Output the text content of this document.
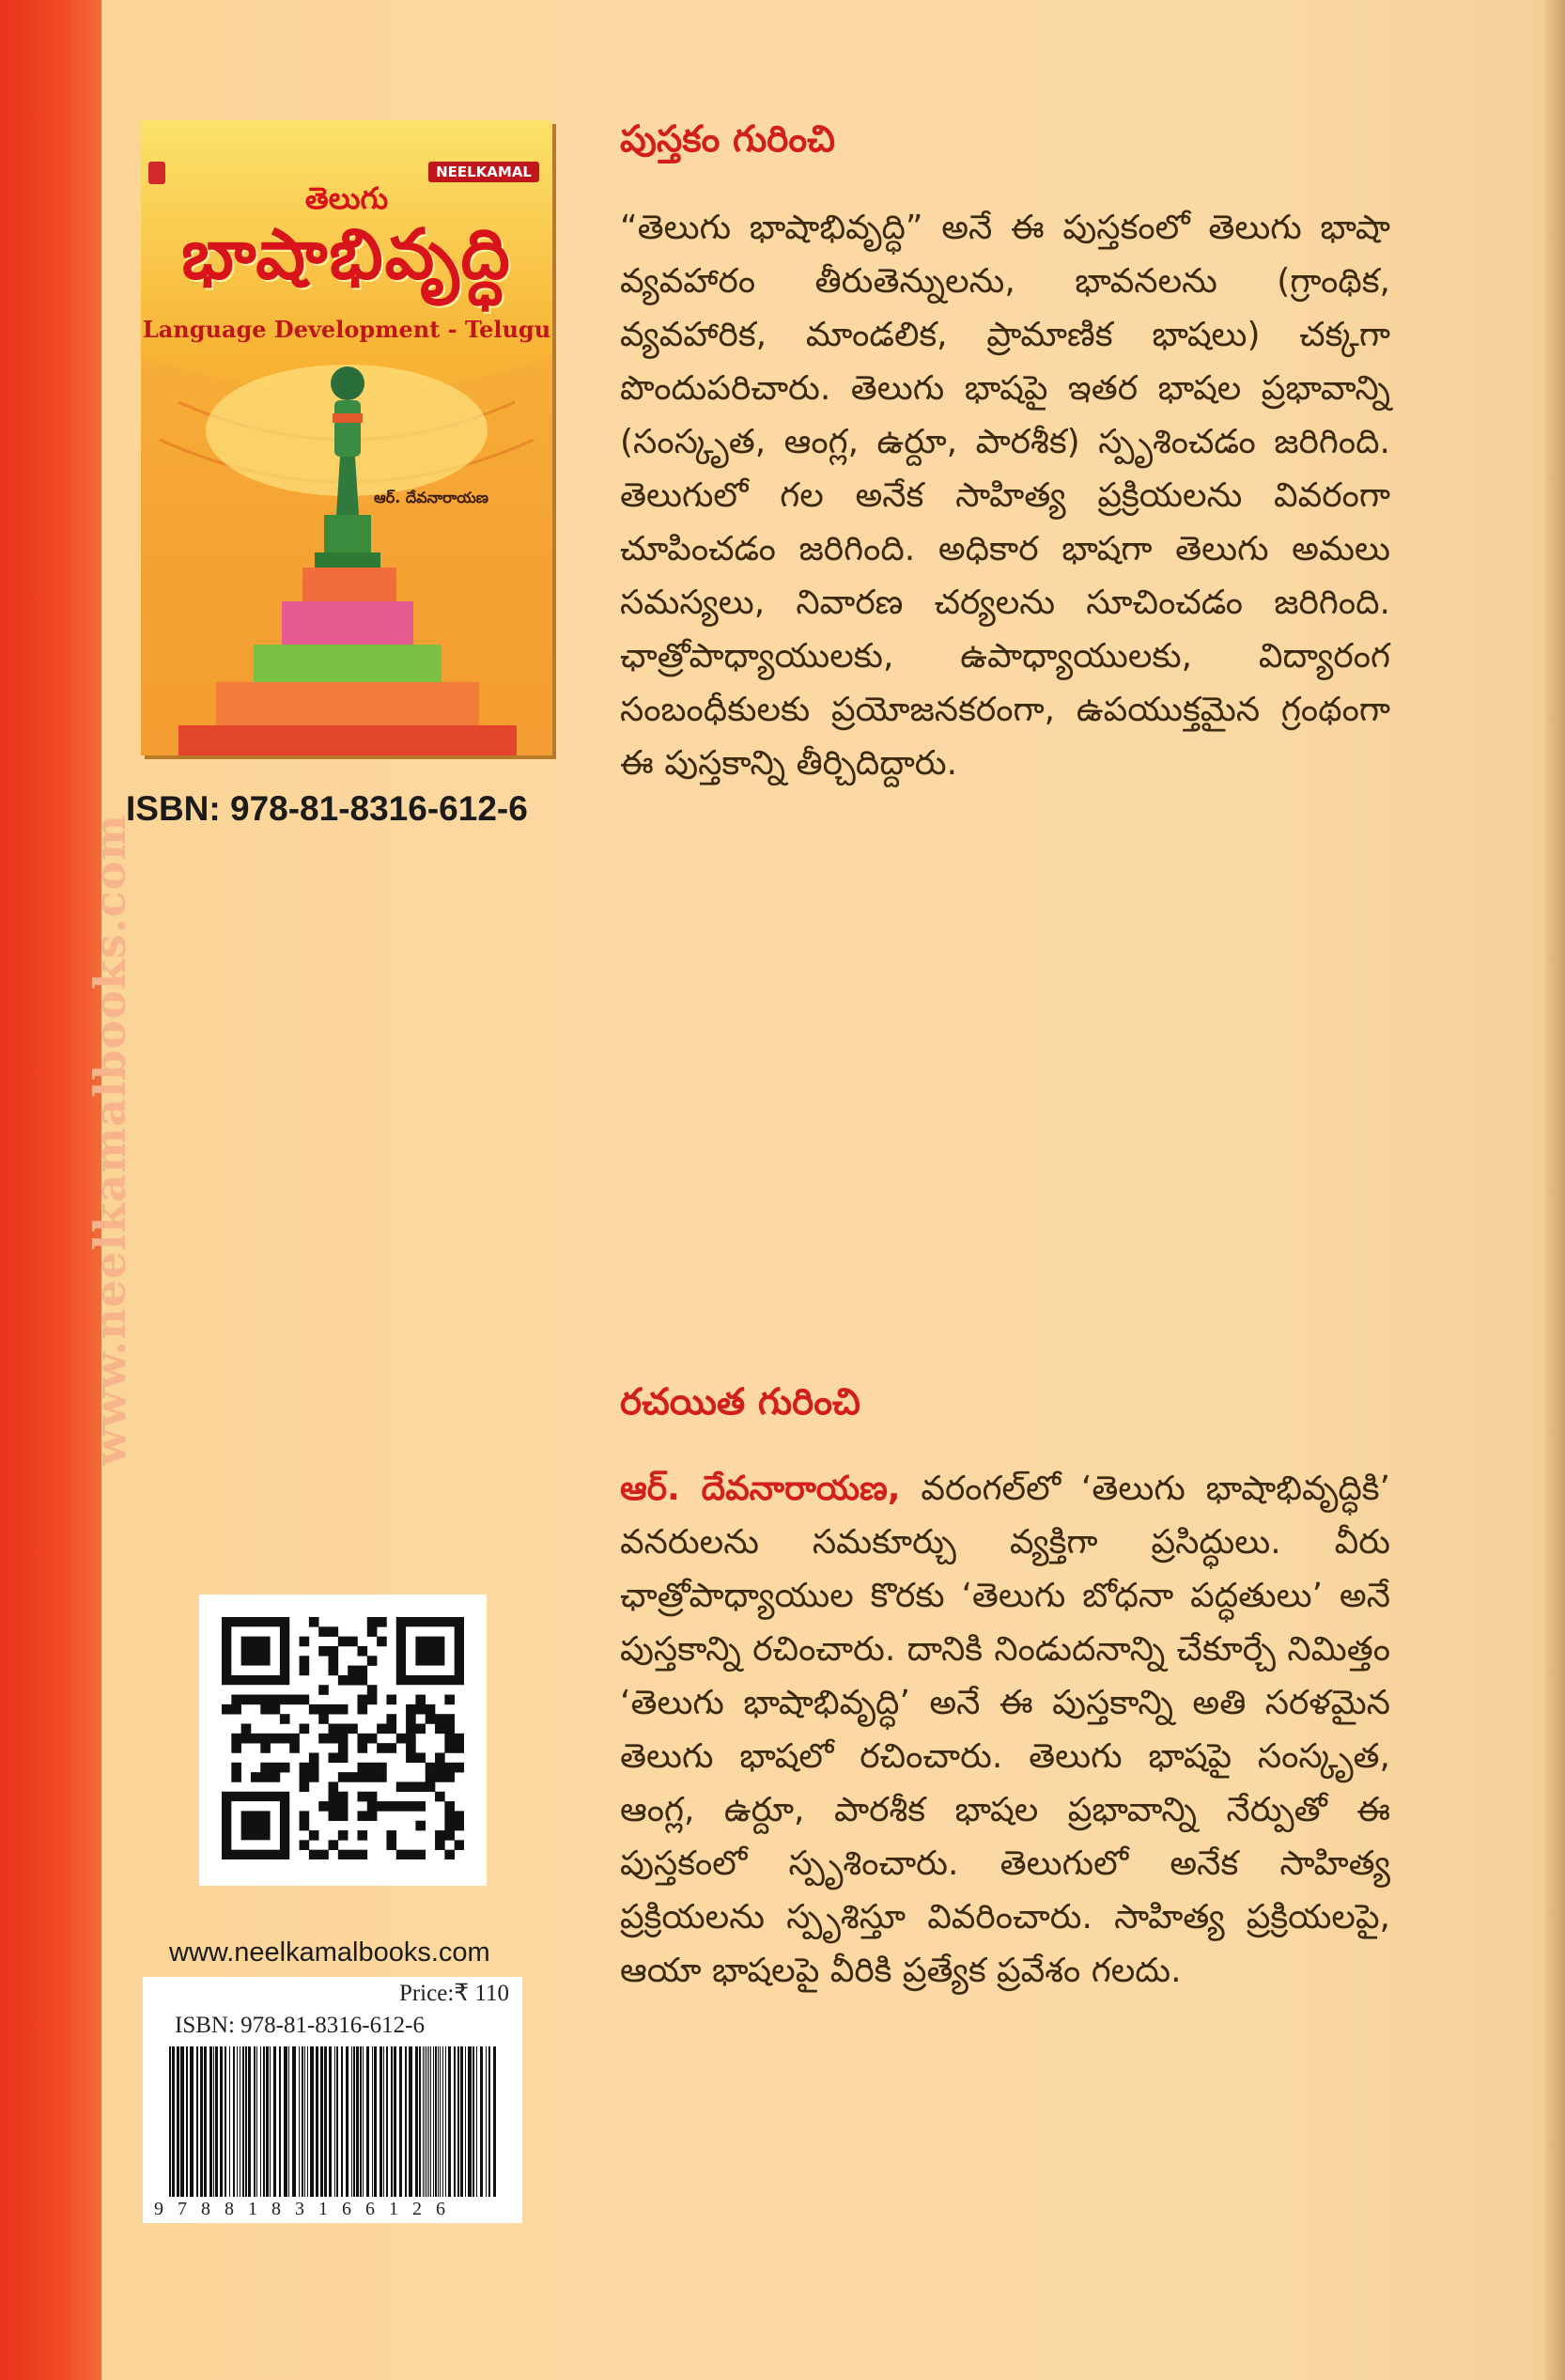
www.neelkamalbooks.com
NEELKAMAL
తెలుగు
భాషాభివృద్ధి
Language Development - Telugu
ఆర్. దేవనారాయణ
ISBN: 978-81-8316-612-6
పుస్తకం గురించి
“తెలుగు భాషాభివృద్ధి” అనే ఈ పుస్తకంలో తెలుగు భాషా వ్యవహారం తీరుతెన్నులను, భావనలను (గ్రాంథిక, వ్యవహారిక, మాండలిక, ప్రామాణిక భాషలు) చక్కగా పొందుపరిచారు. తెలుగు భాషపై ఇతర భాషల ప్రభావాన్ని (సంస్కృత, ఆంగ్ల, ఉర్దూ, పారశీక) స్పృశించడం జరిగింది. తెలుగులో గల అనేక సాహిత్య ప్రక్రియలను వివరంగా చూపించడం జరిగింది. అధికార భాషగా తెలుగు అమలు సమస్యలు, నివారణ చర్యలను సూచించడం జరిగింది. ఛాత్రోపాధ్యాయులకు, ఉపాధ్యాయులకు, విద్యారంగ సంబంధీకులకు ప్రయోజనకరంగా, ఉపయుక్తమైన గ్రంథంగా ఈ పుస్తకాన్ని తీర్చిదిద్దారు.
రచయిత గురించి
ఆర్. దేవనారాయణ, వరంగల్‌లో ‘తెలుగు భాషాభివృద్ధికి’ వనరులను సమకూర్చు వ్యక్తిగా ప్రసిద్ధులు. వీరు ఛాత్రోపాధ్యాయుల కొరకు ‘తెలుగు బోధనా పద్ధతులు’ అనే పుస్తకాన్ని రచించారు. దానికి నిండుదనాన్ని చేకూర్చే నిమిత్తం ‘తెలుగు భాషాభివృద్ధి’ అనే ఈ పుస్తకాన్ని అతి సరళమైన తెలుగు భాషలో రచించారు. తెలుగు భాషపై సంస్కృత, ఆంగ్ల, ఉర్దూ, పారశీక భాషల ప్రభావాన్ని నేర్పుతో ఈ పుస్తకంలో స్పృశించారు. తెలుగులో అనేక సాహిత్య ప్రక్రియలను స్పృశిస్తూ వివరించారు. సాహిత్య ప్రక్రియలపై, ఆయా భాషలపై వీరికి ప్రత్యేక ప్రవేశం గలదు.
www.neelkamalbooks.com
Price:₹ 110
ISBN: 978-81-8316-612-6
9788183166126
